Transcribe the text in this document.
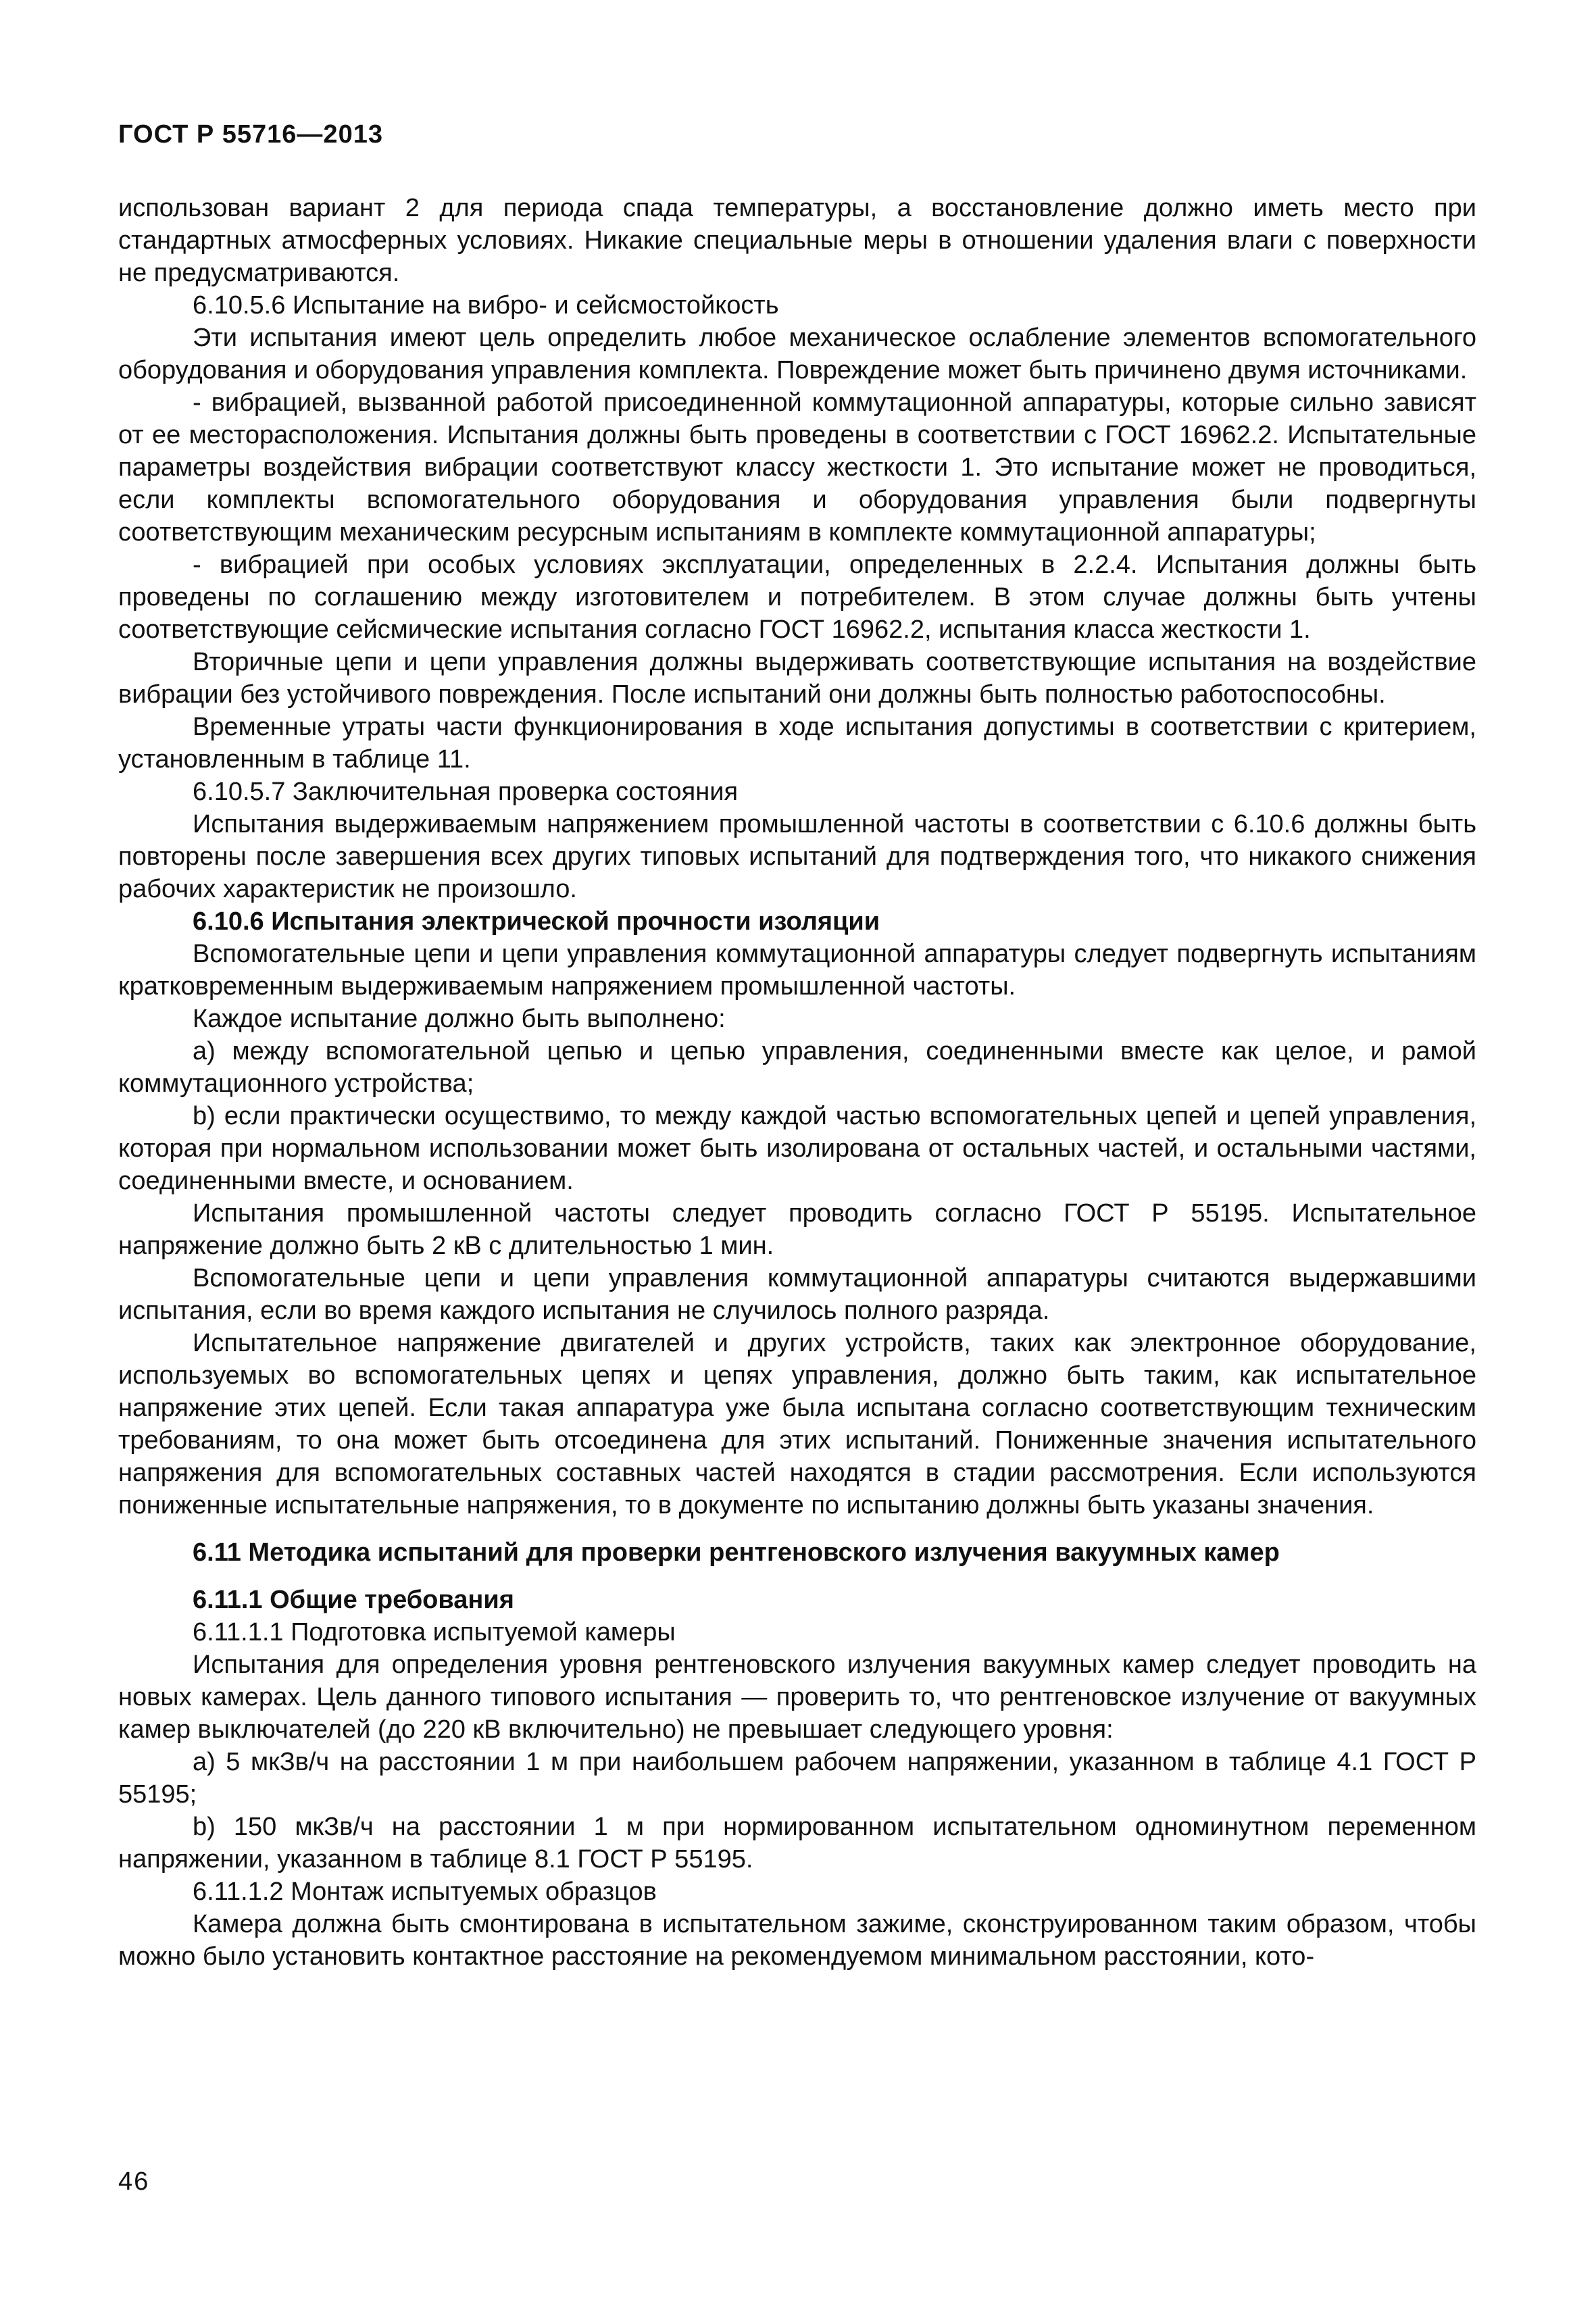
ГОСТ Р 55716—2013

использован вариант 2 для периода спада температуры, а восстановление должно иметь место при стандартных атмосферных условиях. Никакие специальные меры в отношении удаления влаги с поверхности не предусматриваются.

6.10.5.6 Испытание на вибро- и сейсмостойкость

Эти испытания имеют цель определить любое механическое ослабление элементов вспомогательного оборудования и оборудования управления комплекта. Повреждение может быть причинено двумя источниками.

- вибрацией, вызванной работой присоединенной коммутационной аппаратуры, которые сильно зависят от ее месторасположения. Испытания должны быть проведены в соответствии с ГОСТ 16962.2. Испытательные параметры воздействия вибрации соответствуют классу жесткости 1. Это испытание может не проводиться, если комплекты вспомогательного оборудования и оборудования управления были подвергнуты соответствующим механическим ресурсным испытаниям в комплекте коммутационной аппаратуры;

- вибрацией при особых условиях эксплуатации, определенных в 2.2.4. Испытания должны быть проведены по соглашению между изготовителем и потребителем. В этом случае должны быть учтены соответствующие сейсмические испытания согласно ГОСТ 16962.2, испытания класса жесткости 1.

Вторичные цепи и цепи управления должны выдерживать соответствующие испытания на воздействие вибрации без устойчивого повреждения. После испытаний они должны быть полностью работоспособны.

Временные утраты части функционирования в ходе испытания допустимы в соответствии с критерием, установленным в таблице 11.

6.10.5.7 Заключительная проверка состояния

Испытания выдерживаемым напряжением промышленной частоты в соответствии с 6.10.6 должны быть повторены после завершения всех других типовых испытаний для подтверждения того, что никакого снижения рабочих характеристик не произошло.

6.10.6 Испытания электрической прочности изоляции

Вспомогательные цепи и цепи управления коммутационной аппаратуры следует подвергнуть испытаниям кратковременным выдерживаемым напряжением промышленной частоты.

Каждое испытание должно быть выполнено:

a) между вспомогательной цепью и цепью управления, соединенными вместе как целое, и рамой коммутационного устройства;

b) если практически осуществимо, то между каждой частью вспомогательных цепей и цепей управления, которая при нормальном использовании может быть изолирована от остальных частей, и остальными частями, соединенными вместе, и основанием.

Испытания промышленной частоты следует проводить согласно ГОСТ Р 55195. Испытательное напряжение должно быть 2 кВ с длительностью 1 мин.

Вспомогательные цепи и цепи управления коммутационной аппаратуры считаются выдержавшими испытания, если во время каждого испытания не случилось полного разряда.

Испытательное напряжение двигателей и других устройств, таких как электронное оборудование, используемых во вспомогательных цепях и цепях управления, должно быть таким, как испытательное напряжение этих цепей. Если такая аппаратура уже была испытана согласно соответствующим техническим требованиям, то она может быть отсоединена для этих испытаний. Пониженные значения испытательного напряжения для вспомогательных составных частей находятся в стадии рассмотрения. Если используются пониженные испытательные напряжения, то в документе по испытанию должны быть указаны значения.

6.11 Методика испытаний для проверки рентгеновского излучения вакуумных камер

6.11.1 Общие требования

6.11.1.1 Подготовка испытуемой камеры

Испытания для определения уровня рентгеновского излучения вакуумных камер следует проводить на новых камерах. Цель данного типового испытания — проверить то, что рентгеновское излучение от вакуумных камер выключателей (до 220 кВ включительно) не превышает следующего уровня:

a) 5 мкЗв/ч на расстоянии 1 м при наибольшем рабочем напряжении, указанном в таблице 4.1 ГОСТ Р 55195;

b) 150 мкЗв/ч на расстоянии 1 м при нормированном испытательном одноминутном переменном напряжении, указанном в таблице 8.1 ГОСТ Р 55195.

6.11.1.2 Монтаж испытуемых образцов

Камера должна быть смонтирована в испытательном зажиме, сконструированном таким образом, чтобы можно было установить контактное расстояние на рекомендуемом минимальном расстоянии, кото-

46
